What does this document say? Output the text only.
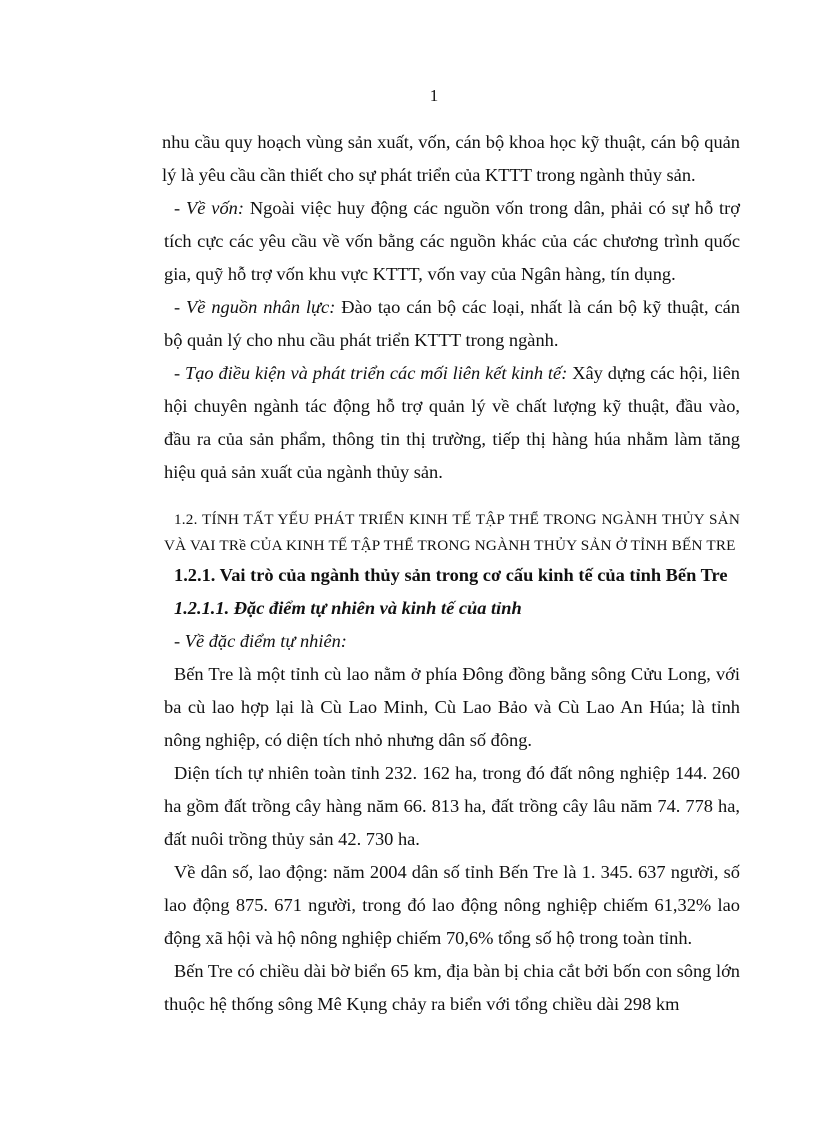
1

nhu cầu quy hoạch vùng sản xuất, vốn, cán bộ khoa học kỹ thuật, cán bộ quản lý là yêu cầu cần thiết cho sự phát triển của KTTT trong ngành thủy sản.

- Về vốn: Ngoài việc huy động các nguồn vốn trong dân, phải có sự hỗ trợ tích cực các yêu cầu về vốn bằng các nguồn khác của các chương trình quốc gia, quỹ hỗ trợ vốn khu vực KTTT, vốn vay của Ngân hàng, tín dụng.

- Về nguồn nhân lực: Đào tạo cán bộ các loại, nhất là cán bộ kỹ thuật, cán bộ quản lý cho nhu cầu phát triển KTTT trong ngành.

- Tạo điều kiện và phát triển các mối liên kết kinh tế: Xây dựng các hội, liên hội chuyên ngành tác động hỗ trợ quản lý về chất lượng kỹ thuật, đầu vào, đầu ra của sản phẩm, thông tin thị trường, tiếp thị hàng húa nhằm làm tăng hiệu quả sản xuất của ngành thủy sản.

1.2. TÍNH TẤT YẾU PHÁT TRIỂN KINH TẾ TẬP THỂ TRONG NGÀNH THỦY SẢN VÀ VAI TRề CỦA KINH TẾ TẬP THỂ TRONG NGÀNH THỦY SẢN Ở TỈNH BẾN TRE

1.2.1. Vai trò của ngành thủy sản trong cơ cấu kinh tế của tỉnh Bến Tre

1.2.1.1. Đặc điểm tự nhiên và kinh tế của tỉnh

- Về đặc điểm tự nhiên:

Bến Tre là một tỉnh cù lao nằm ở phía Đông đồng bằng sông Cửu Long, với ba cù lao hợp lại là Cù Lao Minh, Cù Lao Bảo và Cù Lao An Húa; là tỉnh nông nghiệp, có diện tích nhỏ nhưng dân số đông.

Diện tích tự nhiên toàn tỉnh 232. 162 ha, trong đó đất nông nghiệp 144. 260 ha gồm đất trồng cây hàng năm 66. 813 ha, đất trồng cây lâu năm 74. 778 ha, đất nuôi trồng thủy sản 42. 730 ha.

Về dân số, lao động: năm 2004 dân số tỉnh Bến Tre là 1. 345. 637 người, số lao động 875. 671 người, trong đó lao động nông nghiệp chiếm 61,32% lao động xã hội và hộ nông nghiệp chiếm 70,6% tổng số hộ trong toàn tỉnh.

Bến Tre có chiều dài bờ biển 65 km, địa bàn bị chia cắt bởi bốn con sông lớn thuộc hệ thống sông Mê Kụng chảy ra biển với tổng chiều dài 298 km
